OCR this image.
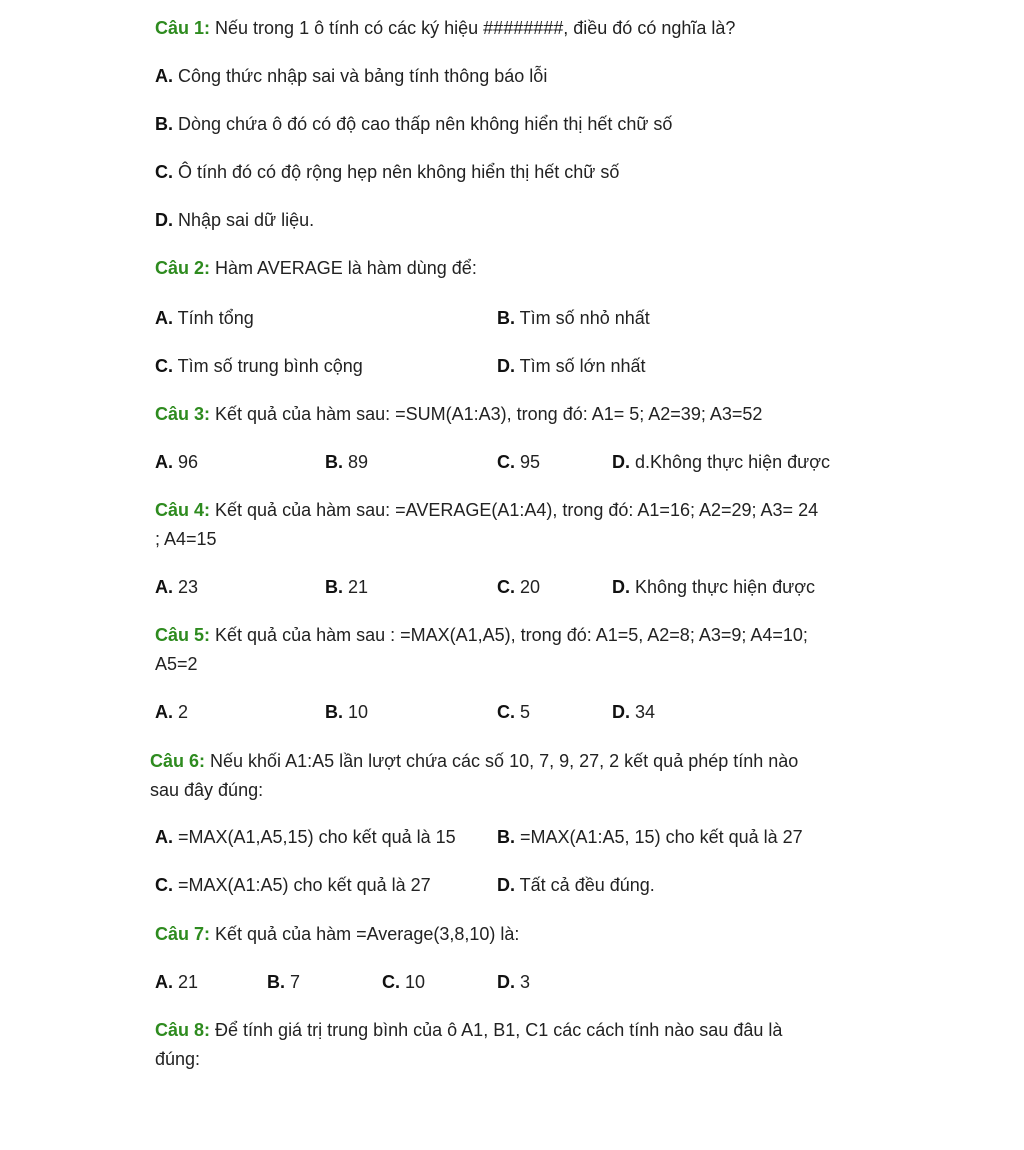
Câu 1: Nếu trong 1 ô tính có các ký hiệu ########, điều đó có nghĩa là?
A. Công thức nhập sai và bảng tính thông báo lỗi
B. Dòng chứa ô đó có độ cao thấp nên không hiển thị hết chữ số
C. Ô tính đó có độ rộng hẹp nên không hiển thị hết chữ số
D. Nhập sai dữ liệu.
Câu 2: Hàm AVERAGE là hàm dùng để:
A. Tính tổng	B. Tìm số nhỏ nhất
C. Tìm số trung bình cộng	D. Tìm số lớn nhất
Câu 3: Kết quả của hàm sau: =SUM(A1:A3), trong đó: A1= 5; A2=39; A3=52
A. 96	B. 89	C. 95	D. d.Không thực hiện được
Câu 4: Kết quả của hàm sau: =AVERAGE(A1:A4), trong đó: A1=16; A2=29; A3= 24
; A4=15
A. 23	B. 21	C. 20	D. Không thực hiện được
Câu 5: Kết quả của hàm sau : =MAX(A1,A5), trong đó: A1=5, A2=8; A3=9; A4=10;
A5=2
A. 2	B. 10	C. 5	D. 34
Câu 6: Nếu khối A1:A5 lần lượt chứa các số 10, 7, 9, 27, 2 kết quả phép tính nào
sau đây đúng:
A. =MAX(A1,A5,15) cho kết quả là 15 B. =MAX(A1:A5, 15) cho kết quả là 27
C. =MAX(A1:A5) cho kết quả là 27	D. Tất cả đều đúng.
Câu 7: Kết quả của hàm =Average(3,8,10) là:
A. 21	B. 7	C. 10	D. 3
Câu 8: Để tính giá trị trung bình của ô A1, B1, C1 các cách tính nào sau đâu là
đúng:
